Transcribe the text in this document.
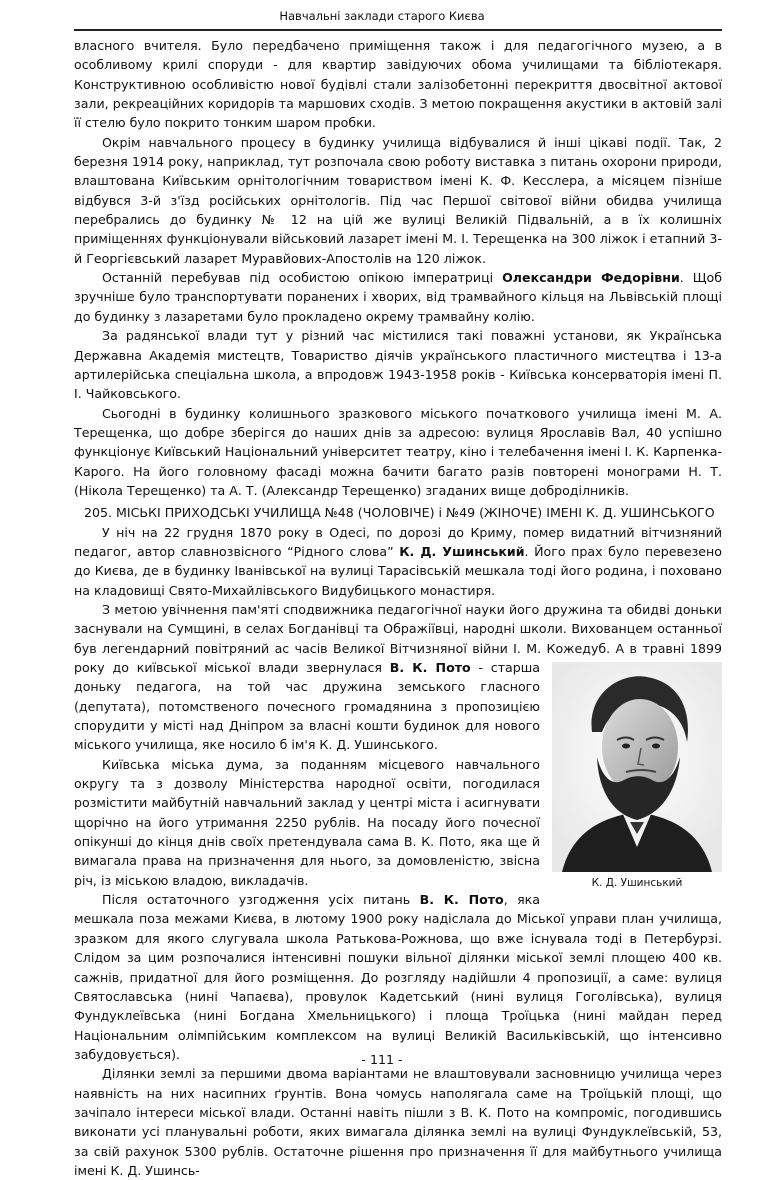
Навчальні заклади старого Києва

власного вчителя. Було передбачено приміщення також і для педагогічного музею, а в особливому крилі споруди - для квартир завідуючих обома училищами та бібліотекаря. Конструктивною особливістю нової будівлі стали залізобетонні перекриття двосвітної актової зали, рекреаційних коридорів та маршових сходів. З метою покращення акустики в актовій залі її стелю було покрито тонким шаром пробки.

Окрім навчального процесу в будинку училища відбувалися й інші цікаві події. Так, 2 березня 1914 року, наприклад, тут розпочала свою роботу виставка з питань охорони природи, влаштована Київським орнітологічним товариством імені К. Ф. Кесслера, а місяцем пізніше відбувся 3-й з'їзд російських орнітологів. Під час Першої світової війни обидва училища перебрались до будинку № 12 на цій же вулиці Великій Підвальній, а в їх колишніх приміщеннях функціонували військовий лазарет імені М. І. Терещенка на 300 ліжок і етапний 3-й Георгієвський лазарет Муравйових-Апостолів на 120 ліжок.

Останній перебував під особистою опікою імператриці Олександри Федорівни. Щоб зручніше було транспортувати поранених і хворих, від трамвайного кільця на Львівській площі до будинку з лазаретами було прокладено окрему трамвайну колію.

За радянської влади тут у різний час містилися такі поважні установи, як Українська Державна Академія мистецтв, Товариство діячів українського пластичного мистецтва і 13-а артилерійська спеціальна школа, а впродовж 1943-1958 років - Київська консерваторія імені П. І. Чайковського.

Сьогодні в будинку колишнього зразкового міського початкового училища імені М. А. Терещенка, що добре зберігся до наших днів за адресою: вулиця Ярославів Вал, 40 успішно функціонує Київський Національний університет театру, кіно і телебачення імені І. К. Карпенка-Карого. На його головному фасаді можна бачити багато разів повторені монограми Н. Т. (Нікола Терещенко) та А. Т. (Александр Терещенко) згадaних вище доброділників.

205. МІСЬКІ ПРИХОДСЬКІ УЧИЛИЩА №48 (ЧОЛОВІЧЕ) і №49 (ЖІНОЧЕ) ІМЕНІ К. Д. УШИНСЬКОГО

У ніч на 22 грудня 1870 року в Одесі, по дорозі до Криму, помер видатний вітчизняний педагог, автор славнозвісного “Рідного слова” К. Д. Ушинський. Його прах було перевезено до Києва, де в будинку Іванівської на вулиці Тарасівській мешкала тоді його родина, і поховано на кладовищі Свято-Михайлівського Видубицького монастиря.

З метою увічнення пам'яті сподвижника педагогічної науки його дружина та обидві доньки заснували на Сумщині, в селах Богданівці та Ображіївці, народні школи. Вихованцем останньої був легендарний повітряний ас часів Великої Вітчизняної війни І. М. Кожедуб. А в травні 1899 року до київської міської влади звернулася
К. Д. Ушинський
В. К. Пото - старша доньку педагога, на той час дружина земського гласного (депутата), потомственого почесного громадянина з пропозицією спорудити у місті над Дніпром за власні кошти будинок для нового міського училища, яке носило б ім'я К. Д. Ушинського.

Київська міська дума, за поданням місцевого навчального округу та з дозволу Міністерства народної освіти, погодилася розмістити майбутній навчальний заклад у центрі міста і асигнувати щорічно на його утримання 2250 рублів. На посаду його почесної опікунші до кінця днів своїх претендувала сама В. К. Пото, яка ще й вимагала права на призначення для нього, за домовленістю, звісна річ, із міською владою, викладачів.

Після остаточного узгодження усіх питань В. К. Пото, яка мешкала поза межами Києва, в лютому 1900 року надіслала до Міської управи план училища, зразком для якого слугувала школа Ратькова-Рожнова, що вже існувала тоді в Петербурзі. Слідом за цим розпочалися інтенсивні пошуки вільної ділянки міської землі площею 400 кв. сажнів, придатної для його розміщення. До розгляду надійшли 4 пропозиції, а саме: вулиця Святославська (нині Чапаєва), провулок Кадетський (нині вулиця Гоголівська), вулиця Фундуклеївська (нині Богдана Хмельницького) і площа Троїцька (нині майдан перед Національним олімпійським комплексом на вулиці Великій Васильківській, що інтенсивно забудовується).

Ділянки землі за першими двома варіантами не влаштовували засновницю училища через наявність на них насипних ґрунтів. Вона чомусь наполягала саме на Троїцькій площі, що зачіпало інтереси міської влади. Останні навіть пішли з В. К. Пото на компроміс, погодившись виконати усі планувальні роботи, яких вимагала ділянка землі на вулиці Фундуклеївській, 53, за свій рахунок 5300 рублів. Остаточне рішення про призначення її для майбутнього училища імені К. Д. Ушинсь-

- 111 -
